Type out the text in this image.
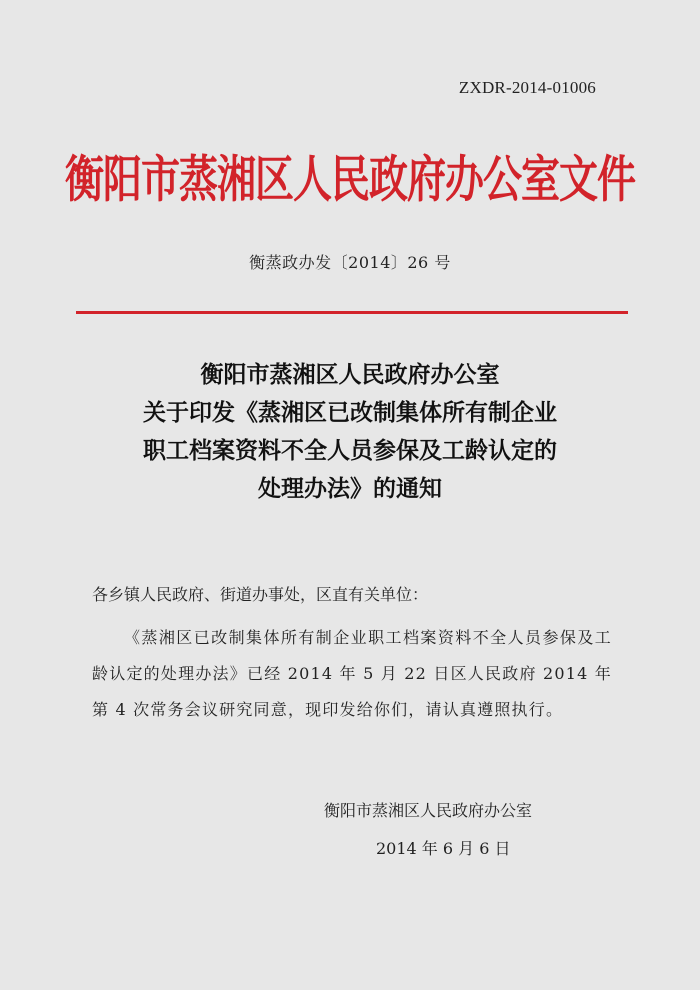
ZXDR-2014-01006
衡阳市蒸湘区人民政府办公室文件
衡蒸政办发〔2014〕26 号
衡阳市蒸湘区人民政府办公室
关于印发《蒸湘区已改制集体所有制企业
职工档案资料不全人员参保及工龄认定的
处理办法》的通知
各乡镇人民政府、街道办事处，区直有关单位：
《蒸湘区已改制集体所有制企业职工档案资料不全人员参保及工龄认定的处理办法》已经 2014 年 5 月 22 日区人民政府 2014 年第 4 次常务会议研究同意，现印发给你们，请认真遵照执行。
衡阳市蒸湘区人民政府办公室
2014 年 6 月 6 日
